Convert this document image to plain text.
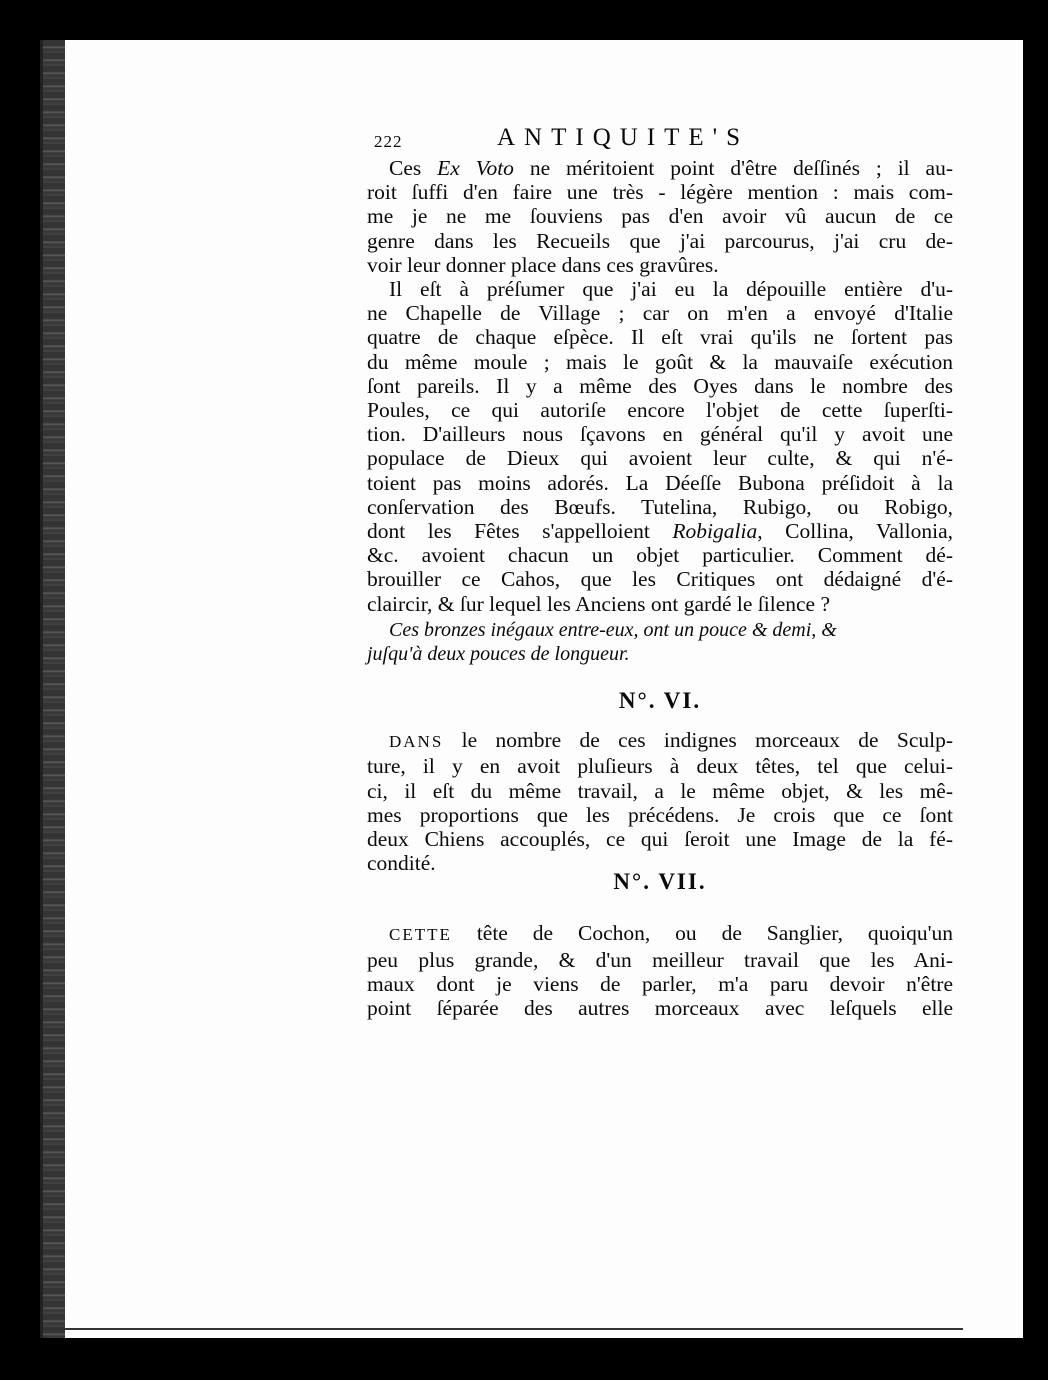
222	ANTIQUITE'S

Ces Ex Voto ne méritoient point d'être deſſinés ; il au-
roit ſuffi d'en faire une très - légère mention : mais com-
me je ne me ſouviens pas d'en avoir vû aucun de ce
genre dans les Recueils que j'ai parcourus, j'ai cru de-
voir leur donner place dans ces gravûres.

Il eſt à préſumer que j'ai eu la dépouille entière d'u-
ne Chapelle de Village ; car on m'en a envoyé d'Italie
quatre de chaque eſpèce. Il eſt vrai qu'ils ne ſortent pas
du même moule ; mais le goût & la mauvaiſe exécution
ſont pareils. Il y a même des Oyes dans le nombre des
Poules, ce qui autoriſe encore l'objet de cette ſuperſti-
tion. D'ailleurs nous ſçavons en général qu'il y avoit une
populace de Dieux qui avoient leur culte, & qui n'é-
toient pas moins adorés. La Déeſſe Bubona préſidoit à la
conſervation des Bœufs. Tutelina, Rubigo, ou Robigo,
dont les Fêtes s'appelloient Robigalia, Collina, Vallonia,
&c. avoient chacun un objet particulier. Comment dé-
brouiller ce Cahos, que les Critiques ont dédaigné d'é-
claircir, & ſur lequel les Anciens ont gardé le ſilence ?

Ces bronzes inégaux entre-eux, ont un pouce & demi, &
juſqu'à deux pouces de longueur.

N°. VI.

DANS le nombre de ces indignes morceaux de Sculp-
ture, il y en avoit pluſieurs à deux têtes, tel que celui-
ci, il eſt du même travail, a le même objet, & les mê-
mes proportions que les précédens. Je crois que ce ſont
deux Chiens accouplés, ce qui ſeroit une Image de la fé-
condité.

N°. VII.

CETTE tête de Cochon, ou de Sanglier, quoiqu'un
peu plus grande, & d'un meilleur travail que les Ani-
maux dont je viens de parler, m'a paru devoir n'être
point ſéparée des autres morceaux avec leſquels elle
